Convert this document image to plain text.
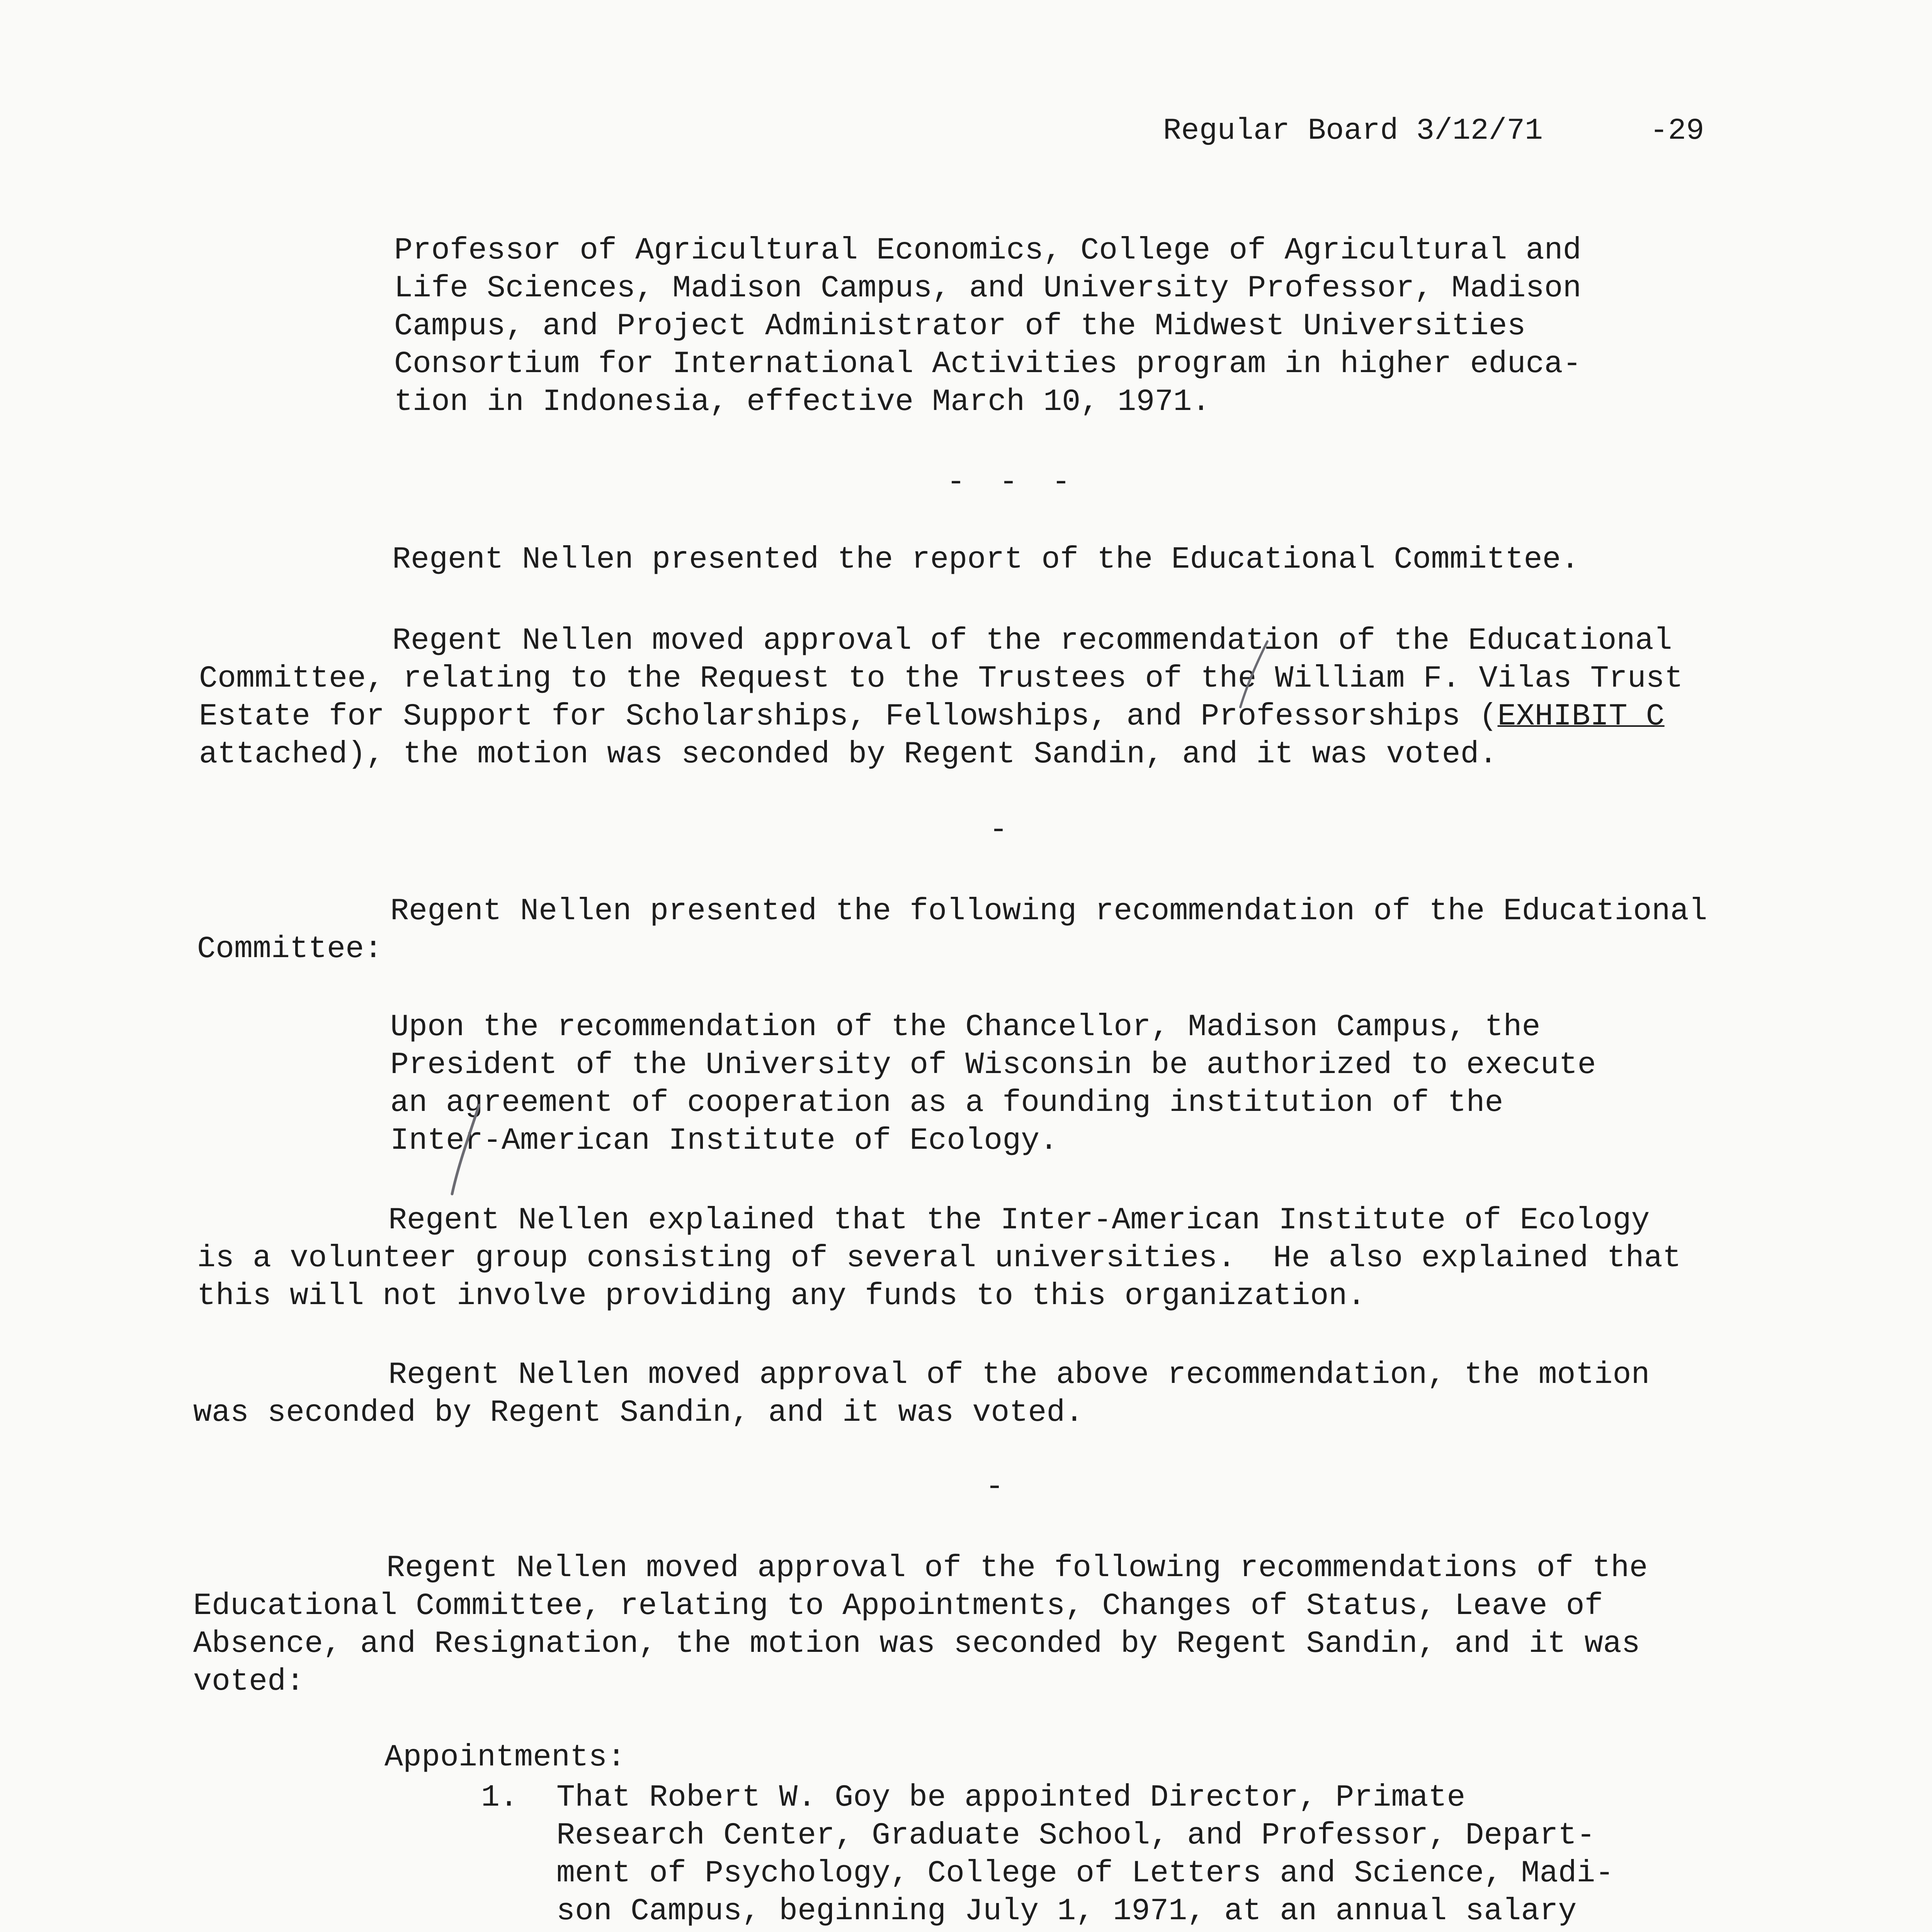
Regular Board 3/12/71	-29
Professor of Agricultural Economics, College of Agricultural and
Life Sciences, Madison Campus, and University Professor, Madison
Campus, and Project Administrator of the Midwest Universities
Consortium for International Activities program in higher educa-
tion in Indonesia, effective March 10, 1971.
- - -
Regent Nellen presented the report of the Educational Committee.
Regent Nellen moved approval of the recommendation of the Educational
Committee, relating to the Request to the Trustees of the William F. Vilas Trust
Estate for Support for Scholarships, Fellowships, and Professorships (EXHIBIT C
attached), the motion was seconded by Regent Sandin, and it was voted.
-
Regent Nellen presented the following recommendation of the Educational
Committee:
Upon the recommendation of the Chancellor, Madison Campus, the
President of the University of Wisconsin be authorized to execute
an agreement of cooperation as a founding institution of the
Inter-American Institute of Ecology.
Regent Nellen explained that the Inter-American Institute of Ecology
is a volunteer group consisting of several universities.  He also explained that
this will not involve providing any funds to this organization.
Regent Nellen moved approval of the above recommendation, the motion
was seconded by Regent Sandin, and it was voted.
-
Regent Nellen moved approval of the following recommendations of the
Educational Committee, relating to Appointments, Changes of Status, Leave of
Absence, and Resignation, the motion was seconded by Regent Sandin, and it was
voted:
Appointments:
1. That Robert W. Goy be appointed Director, Primate
Research Center, Graduate School, and Professor, Depart-
ment of Psychology, College of Letters and Science, Madi-
son Campus, beginning July 1, 1971, at an annual salary
